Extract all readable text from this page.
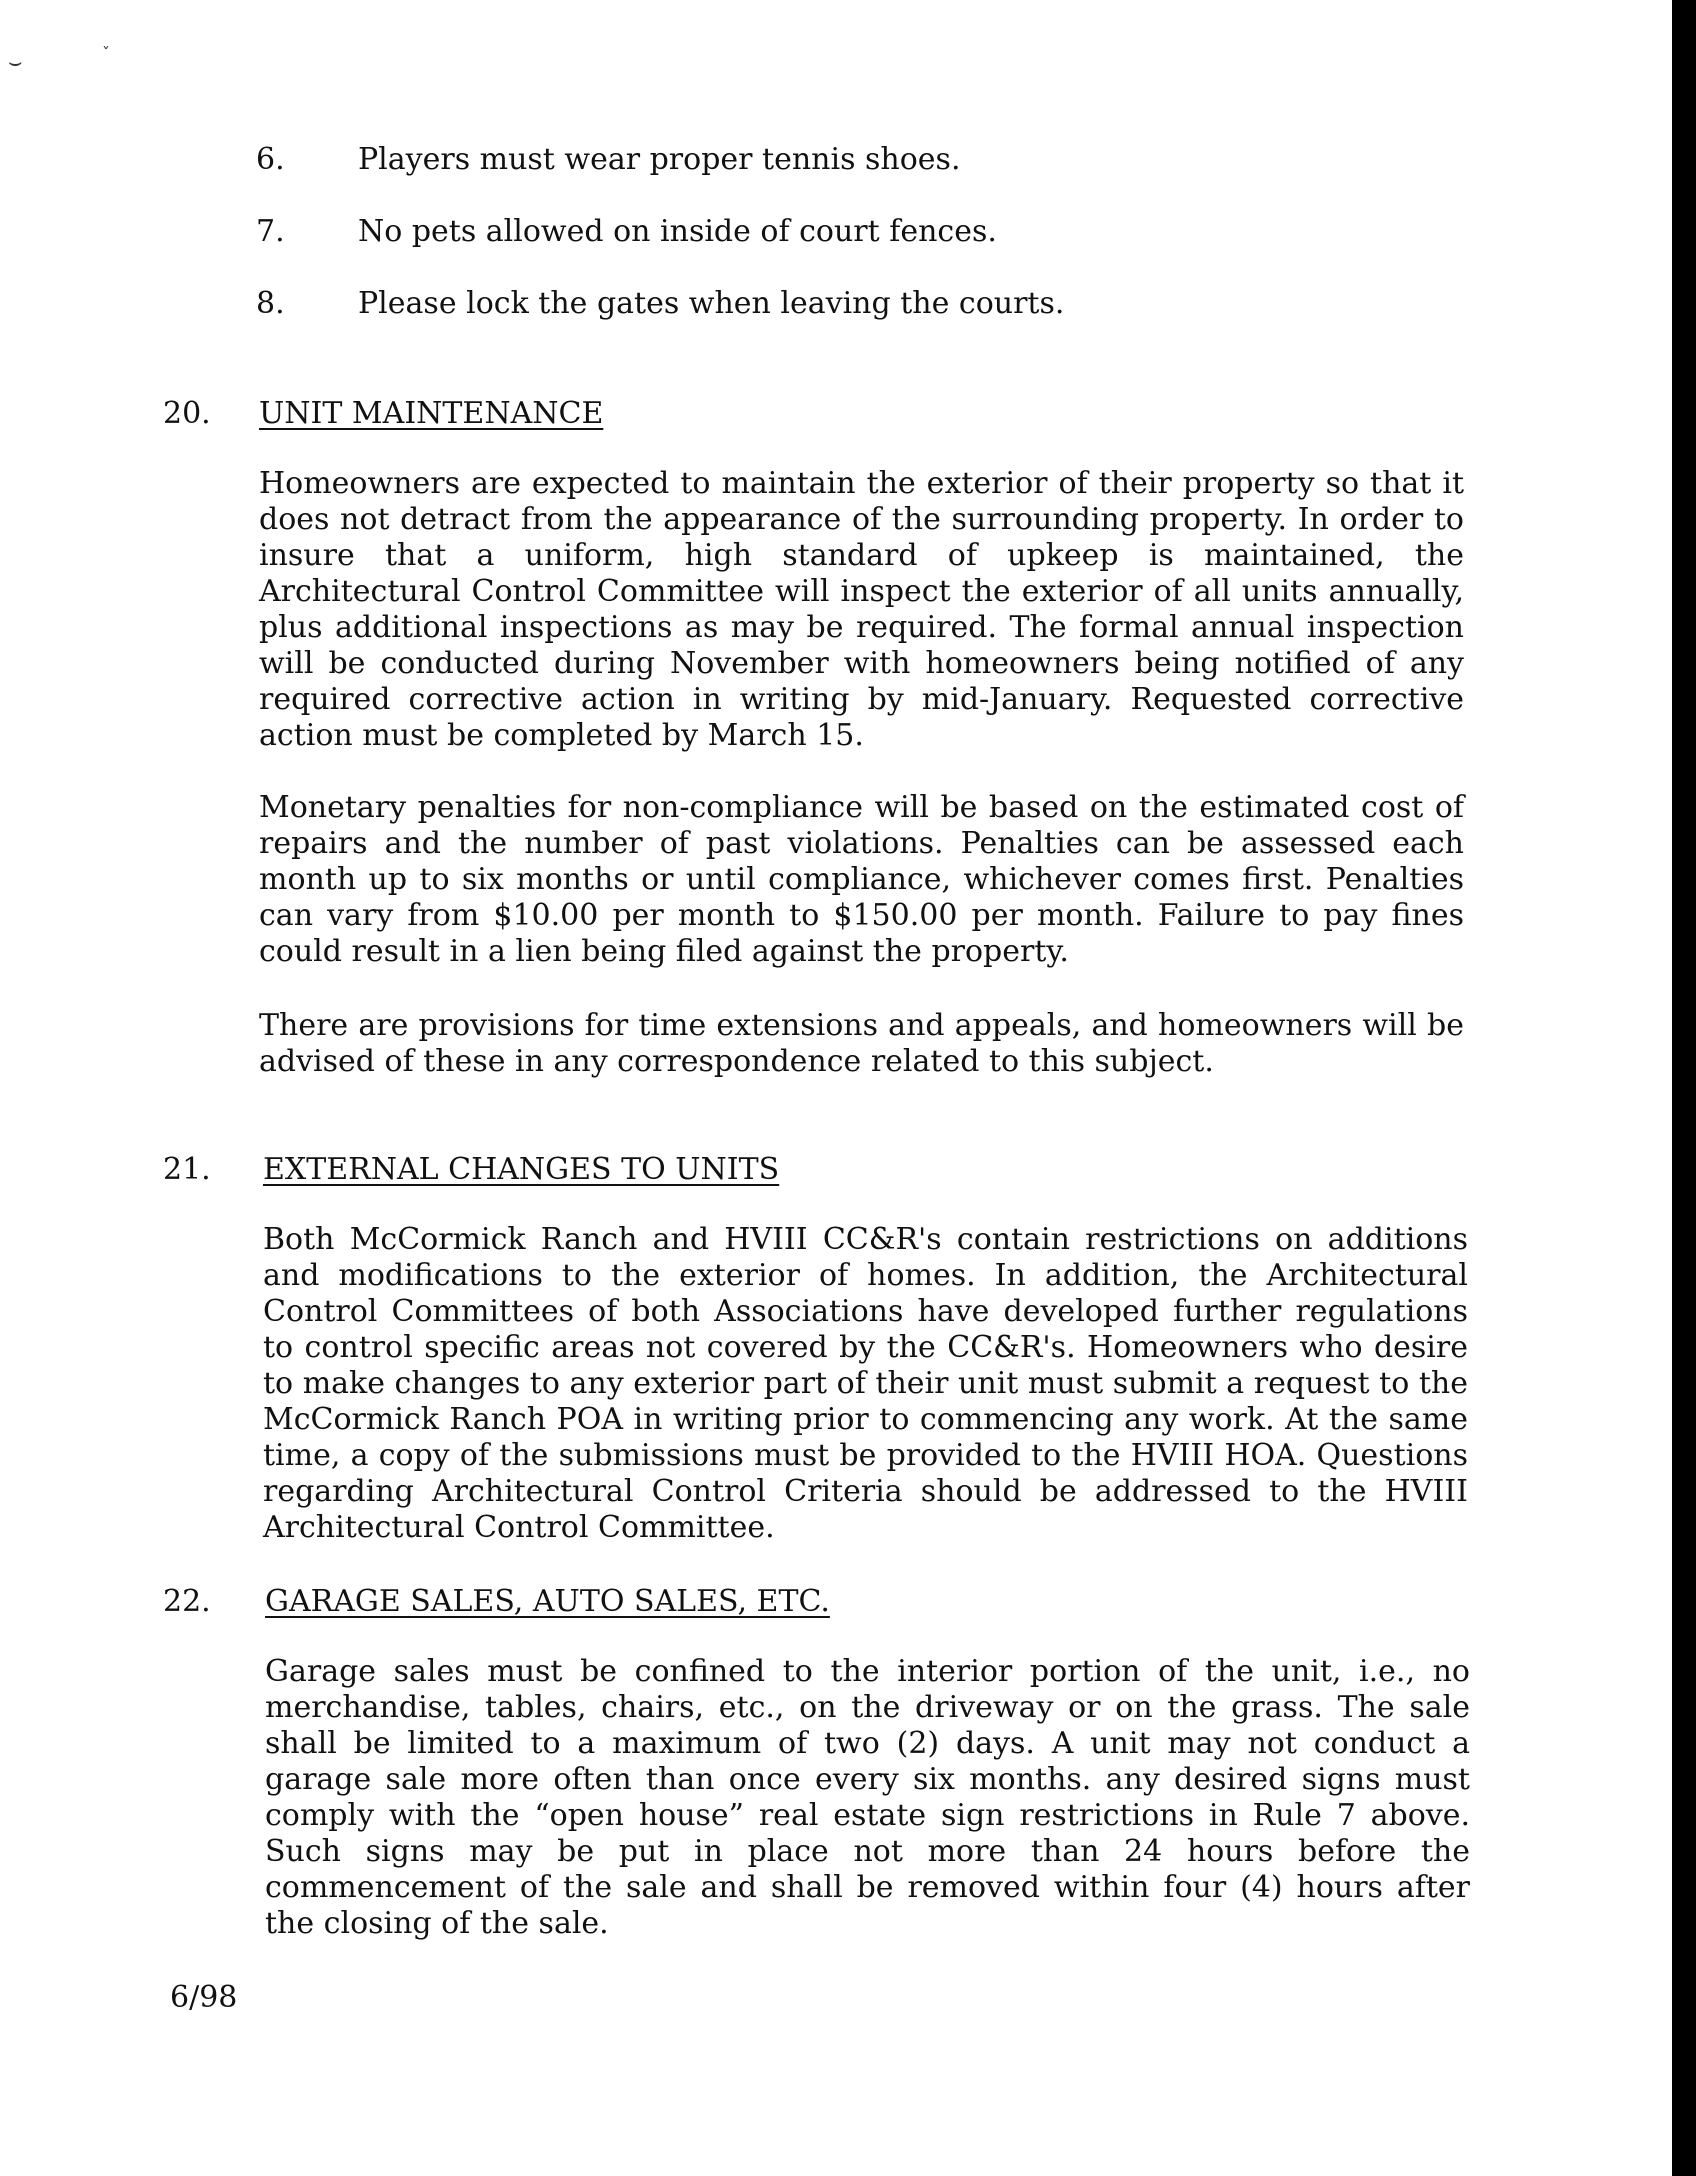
⌣	ˇ
6. Players must wear proper tennis shoes.
7. No pets allowed on inside of court fences.
8. Please lock the gates when leaving the courts.
20. UNIT MAINTENANCE

Homeowners are expected to maintain the exterior of their property so that it does not detract from the appearance of the surrounding property. In order to insure that a uniform, high standard of upkeep is maintained, the Architectural Control Committee will inspect the exterior of all units annually, plus additional inspections as may be required. The formal annual inspection will be conducted during November with homeowners being notified of any required corrective action in writing by mid-January. Requested corrective action must be completed by March 15.

Monetary penalties for non-compliance will be based on the estimated cost of repairs and the number of past violations. Penalties can be assessed each month up to six months or until compliance, whichever comes first. Penalties can vary from $10.00 per month to $150.00 per month. Failure to pay fines could result in a lien being filed against the property.

There are provisions for time extensions and appeals, and homeowners will be advised of these in any correspondence related to this subject.

21. EXTERNAL CHANGES TO UNITS

Both McCormick Ranch and HVIII CC&R's contain restrictions on additions and modifications to the exterior of homes. In addition, the Architectural Control Committees of both Associations have developed further regulations to control specific areas not covered by the CC&R's. Homeowners who desire to make changes to any exterior part of their unit must submit a request to the McCormick Ranch POA in writing prior to commencing any work. At the same time, a copy of the submissions must be provided to the HVIII HOA. Questions regarding Architectural Control Criteria should be addressed to the HVIII Architectural Control Committee.

22. GARAGE SALES, AUTO SALES, ETC.

Garage sales must be confined to the interior portion of the unit, i.e., no merchandise, tables, chairs, etc., on the driveway or on the grass. The sale shall be limited to a maximum of two (2) days. A unit may not conduct a garage sale more often than once every six months. any desired signs must comply with the “open house” real estate sign restrictions in Rule 7 above. Such signs may be put in place not more than 24 hours before the commencement of the sale and shall be removed within four (4) hours after the closing of the sale.

6/98
